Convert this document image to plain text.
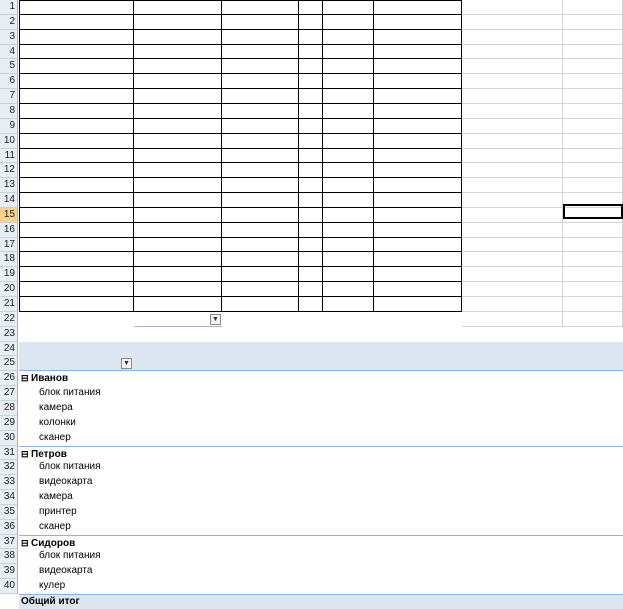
1
2
3
4
5
6
7
8
9
10
11
12
13
14
15
16
17
18
19
20
21
22
23
24
25
26
27
28
29
30
31
32
33
34
35
36
37
38
39
40
▼
▼
⊟ Иванов
блок питания
камера
колонки
сканер
⊟ Петров
блок питания
видеокарта
камера
принтер
сканер
⊟ Сидоров
блок питания
видеокарта
кулер
Общий итог
